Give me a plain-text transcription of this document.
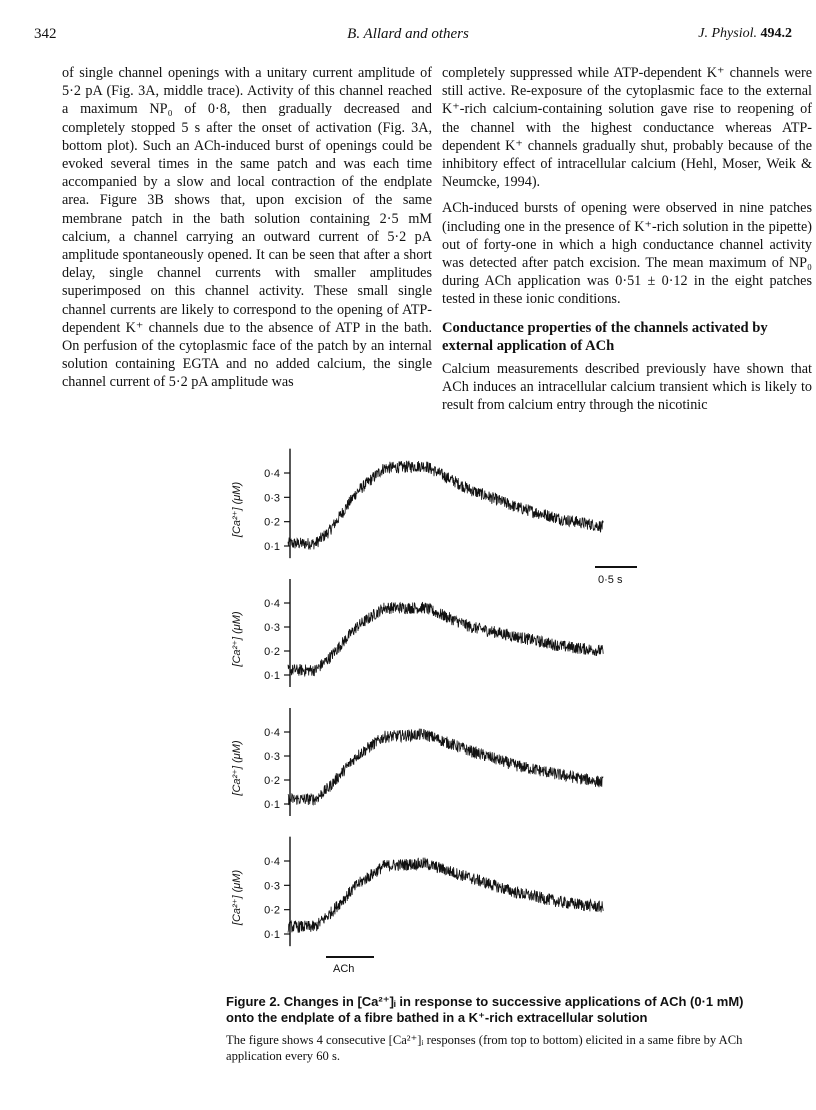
342	B. Allard and others	J. Physiol. 494.2

of single channel openings with a unitary current amplitude of 5·2 pA (Fig. 3A, middle trace). Activity of this channel reached a maximum NP₀ of 0·8, then gradually decreased and completely stopped 5 s after the onset of activation (Fig. 3A, bottom plot). Such an ACh-induced burst of openings could be evoked several times in the same patch and was each time accompanied by a slow and local contraction of the endplate area. Figure 3B shows that, upon excision of the same membrane patch in the bath solution containing 2·5 mM calcium, a channel carrying an outward current of 5·2 pA amplitude spontaneously opened. It can be seen that after a short delay, single channel currents with smaller amplitudes superimposed on this channel activity. These small single channel currents are likely to correspond to the opening of ATP-dependent K⁺ channels due to the absence of ATP in the bath. On perfusion of the cytoplasmic face of the patch by an internal solution containing EGTA and no added calcium, the single channel current of 5·2 pA amplitude was

completely suppressed while ATP-dependent K⁺ channels were still active. Re-exposure of the cytoplasmic face to the external K⁺-rich calcium-containing solution gave rise to reopening of the channel with the highest conductance whereas ATP-dependent K⁺ channels gradually shut, probably because of the inhibitory effect of intracellular calcium (Hehl, Moser, Weik & Neumcke, 1994).

ACh-induced bursts of opening were observed in nine patches (including one in the presence of K⁺-rich solution in the pipette) out of forty-one in which a high conductance channel activity was detected after patch excision. The mean maximum of NP₀ during ACh application was 0·51 ± 0·12 in the eight patches tested in these ionic conditions.

Conductance properties of the channels activated by external application of ACh

Calcium measurements described previously have shown that ACh induces an intracellular calcium transient which is likely to result from calcium entry through the nicotinic

0·1
0·2
0·3
0·4
[Ca²⁺] (μM)
0·1
0·2
0·3
0·4
[Ca²⁺] (μM)
0·1
0·2
0·3
0·4
[Ca²⁺] (μM)
0·1
0·2
0·3
0·4
[Ca²⁺] (μM)
0·5 s
ACh
Figure 2. Changes in [Ca²⁺]ᵢ in response to successive applications of ACh (0·1 mM) onto the endplate of a fibre bathed in a K⁺-rich extracellular solution
The figure shows 4 consecutive [Ca²⁺]ᵢ responses (from top to bottom) elicited in a same fibre by ACh application every 60 s.
